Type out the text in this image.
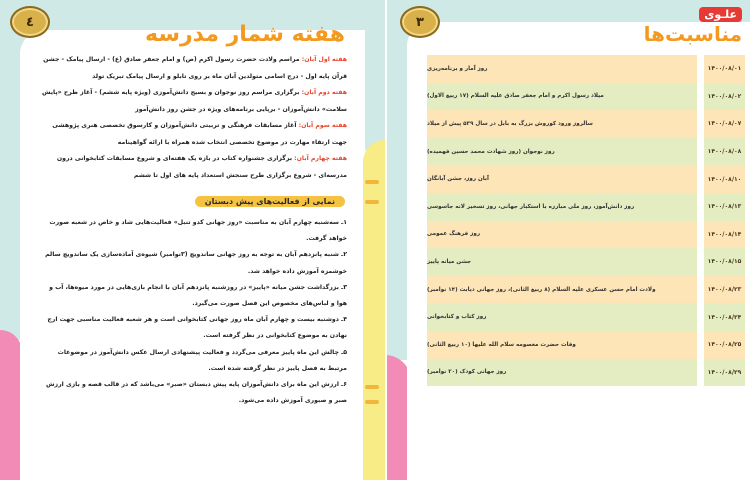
٤	هفته شمار مدرسه

هفته اول آبان: مراسم ولادت حضرت رسول اکرم (ص) و امام جعفر صادق (ع) - ارسال پیامک - جشن قرآن پایه اول - درج اسامی متولدین آبان ماه بر روی تابلو و ارسال پیامک تبریک تولد

هفته دوم آبان: برگزاری مراسم روز نوجوان و بسیج دانش‌آموزی (ویژه پایه ششم) - آغاز طرح «پایش سلامت» دانش‌آموزان - برپایی برنامه‌های ویژه در جشن روز دانش‌آموز

هفته سوم آبان: آغاز مسابقات فرهنگی و تربیتی دانش‌آموزان و کارسوق تخصصی هنری پژوهشی جهت ارتقاء مهارت در موضوع تخصصی انتخاب شده همراه با ارائه گواهینامه

هفته چهارم آبان: برگزاری جشنواره کتاب در بازه یک هفته‌ای و شروع مسابقات کتابخوانی درون مدرسه‌ای - شروع برگزاری طرح سنجش استعداد پایه های اول تا ششم

نمایی از فعالیت‌های پیش دبستان

۱ـ سه‌شنبه چهارم آبان به مناسبت «روز جهانی کدو تنبل» فعالیت‌هایی شاد و خاص در شعبه صورت خواهد گرفت.

۲ـ شنبه پانزدهم آبان به توجه به روز جهانی ساندویچ (۳نوامبر) شیوه‌ی آماده‌سازی یک ساندویچ سالم خوشمزه آموزش داده خواهد شد.

۳ـ بزرگداشت جشن میانه «پاییز» در روزشنبه پانزدهم آبان با انجام بازی‌هایی در مورد میوه‌ها، آب و هوا و لباس‌های مخصوص این فصل صورت می‌گیرد.

۴ـ دوشنبه بیست و چهارم آبان ماه روز جهانی کتابخوانی است و هر شعبه فعالیت مناسبی جهت ارج نهادن به موضوع کتابخوانی در نظر گرفته است.

۵ـ چالش این ماه پاییز معرفی می‌گردد و فعالیت پیشنهادی ارسال عکس دانش‌آموز در موضوعات مرتبط به فصل پاییز در نظر گرفته شده است.

۶ـ ارزش این ماه برای دانش‌آموزان پایه پیش دبستان «صبر» می‌باشد که در قالب قصه و بازی ارزش صبر و صبوری آموزش داده می‌شود.

۳	علـوی
مناسبت‌ها
روز آمار و برنامه‌ریزی	۱۴۰۰/۰۸/۰۱
میلاد رسول اکرم و امام جعفر صادق علیه السلام (۱۷ ربیع الاول)	۱۴۰۰/۰۸/۰۲
سالروز ورود کوروش بزرگ به بابل در سال ۵۳۹ پیش از میلاد	۱۴۰۰/۰۸/۰۷
روز نوجوان (روز شهادت محمد حسین فهمیده)	۱۴۰۰/۰۸/۰۸
آبان روز، جشن آبانگان	۱۴۰۰/۰۸/۱۰
روز دانش‌آموز، روز ملی مبارزه با استکبار جهانی، روز تسخیر لانه جاسوسی	۱۴۰۰/۰۸/۱۳
روز فرهنگ عمومی	۱۴۰۰/۰۸/۱۴
جشن میانه پاییز	۱۴۰۰/۰۸/۱۵
ولادت امام حسن عسکری علیه السلام (۸ ربیع الثانی)، روز جهانی دیابت (۱۴ نوامبر)	۱۴۰۰/۰۸/۲۳
روز کتاب و کتابخوانی	۱۴۰۰/۰۸/۲۴
وفات حضرت معصومه سلام الله علیها (۱۰ ربیع الثانی)	۱۴۰۰/۰۸/۲۵
روز جهانی کودک (۲۰ نوامبر)	۱۴۰۰/۰۸/۲۹
